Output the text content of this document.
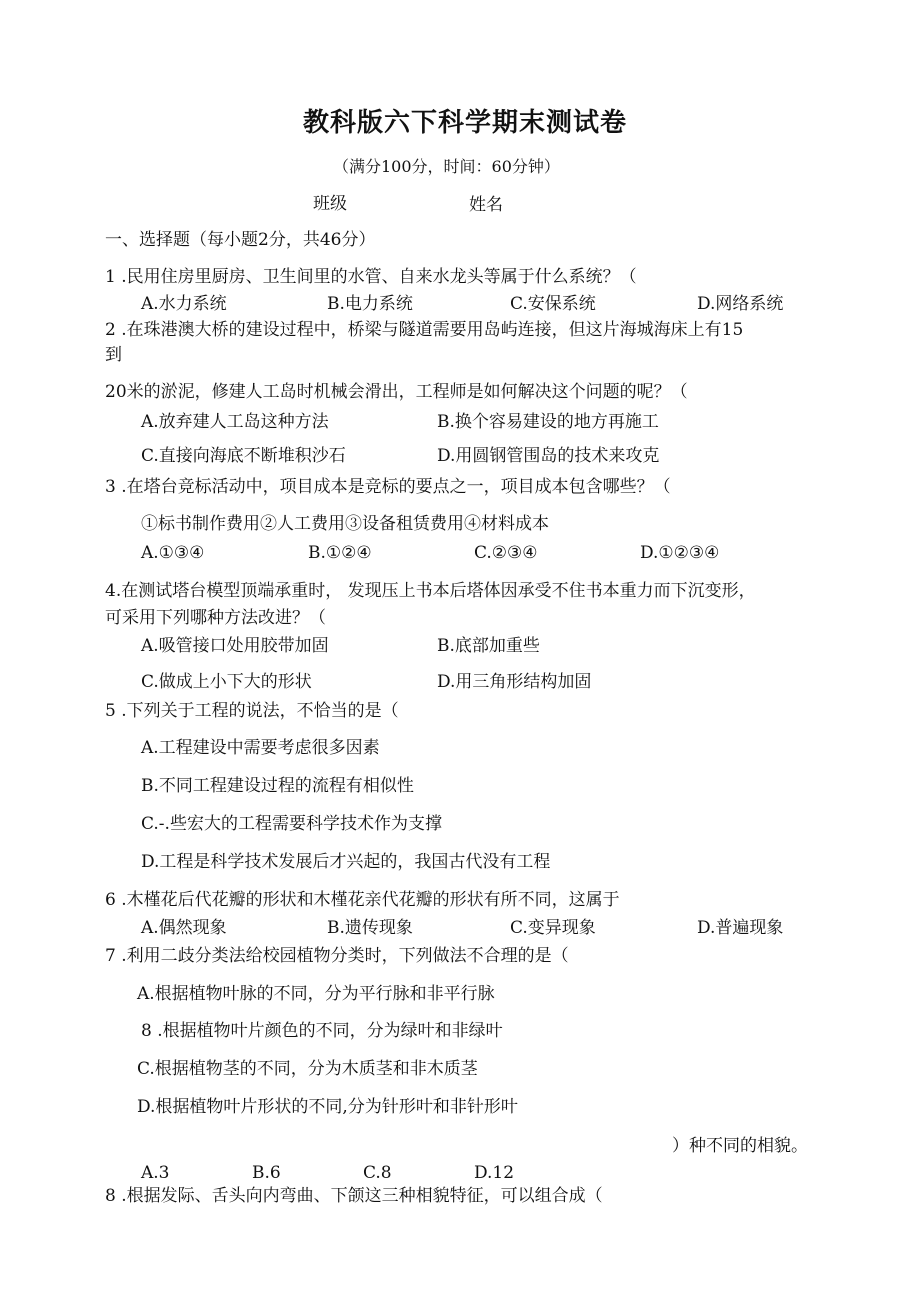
教科版六下科学期末测试卷
（满分100分，时间：60分钟）
班级	姓名
一、选择题（每小题2分，共46分）
1 .民用住房里厨房、卫生间里的水管、自来水龙头等属于什么系统？（
A.水力系统	B.电力系统	C.安保系统	D.网络系统
2 .在珠港澳大桥的建设过程中，桥梁与隧道需要用岛屿连接，但这片海城海床上有15
到
20米的淤泥，修建人工岛时机械会滑出，工程师是如何解决这个问题的呢？（
A.放弃建人工岛这种方法	B.换个容易建设的地方再施工
C.直接向海底不断堆积沙石	D.用圆钢管围岛的技术来攻克
3 .在塔台竞标活动中，项目成本是竞标的要点之一，项目成本包含哪些？（
①标书制作费用②人工费用③设备租赁费用④材料成本
A.①③④	B.①②④	C.②③④	D.①②③④
4.在测试塔台模型顶端承重时， 发现压上书本后塔体因承受不住书本重力而下沉变形，
可采用下列哪种方法改进？（
A.吸管接口处用胶带加固	B.底部加重些
C.做成上小下大的形状	D.用三角形结构加固
5 .下列关于工程的说法，不恰当的是（
A.工程建设中需要考虑很多因素
B.不同工程建设过程的流程有相似性
C.-.些宏大的工程需要科学技术作为支撑
D.工程是科学技术发展后才兴起的，我国古代没有工程
6 .木槿花后代花瓣的形状和木槿花亲代花瓣的形状有所不同，这属于
A.偶然现象	B.遗传现象	C.变异现象	D.普遍现象
7 .利用二歧分类法给校园植物分类时，下列做法不合理的是（
A.根据植物叶脉的不同，分为平行脉和非平行脉
8 .根据植物叶片颜色的不同，分为绿叶和非绿叶
C.根据植物茎的不同，分为木质茎和非木质茎
D.根据植物叶片形状的不同,分为针形叶和非针形叶
）种不同的相貌。
A.3	B.6	C.8	D.12
8 .根据发际、舌头向内弯曲、下颌这三种相貌特征，可以组合成（
